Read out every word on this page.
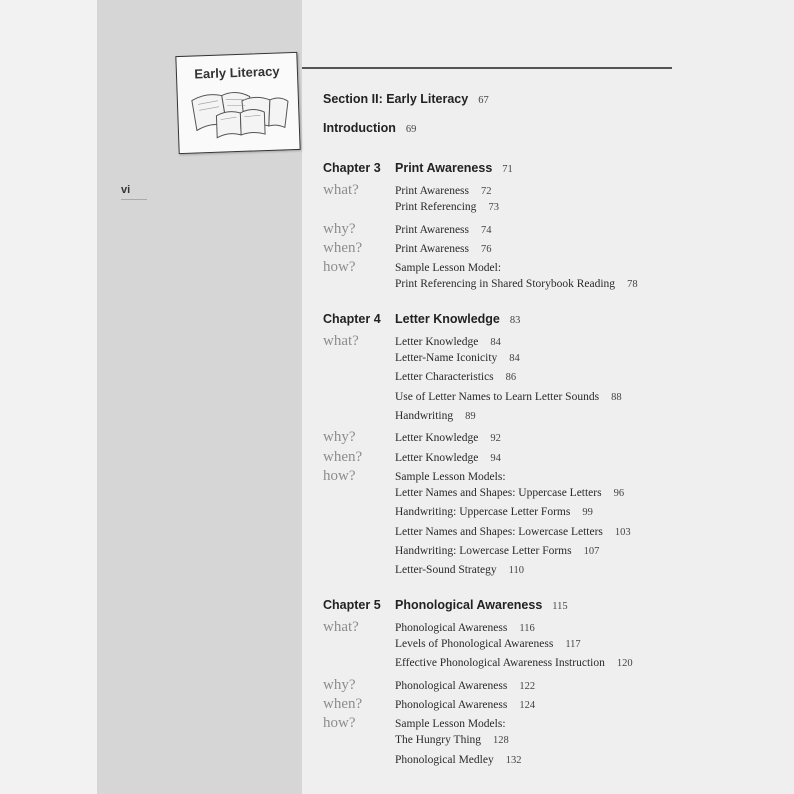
vi
Early Literacy
Section II: Early Literacy 67
Introduction 69
Chapter 3	Print Awareness 71
what?	Print Awareness 72
Print Referencing 73
why?	Print Awareness 74
when?	Print Awareness 76
how?	Sample Lesson Model:
Print Referencing in Shared Storybook Reading 78
Chapter 4	Letter Knowledge 83
what?	Letter Knowledge 84
Letter-Name Iconicity 84
Letter Characteristics 86
Use of Letter Names to Learn Letter Sounds 88
Handwriting 89
why?	Letter Knowledge 92
when?	Letter Knowledge 94
how?	Sample Lesson Models:
Letter Names and Shapes: Uppercase Letters 96
Handwriting: Uppercase Letter Forms 99
Letter Names and Shapes: Lowercase Letters 103
Handwriting: Lowercase Letter Forms 107
Letter-Sound Strategy 110
Chapter 5	Phonological Awareness 115
what?	Phonological Awareness 116
Levels of Phonological Awareness 117
Effective Phonological Awareness Instruction 120
why?	Phonological Awareness 122
when?	Phonological Awareness 124
how?	Sample Lesson Models:
The Hungry Thing 128
Phonological Medley 132
